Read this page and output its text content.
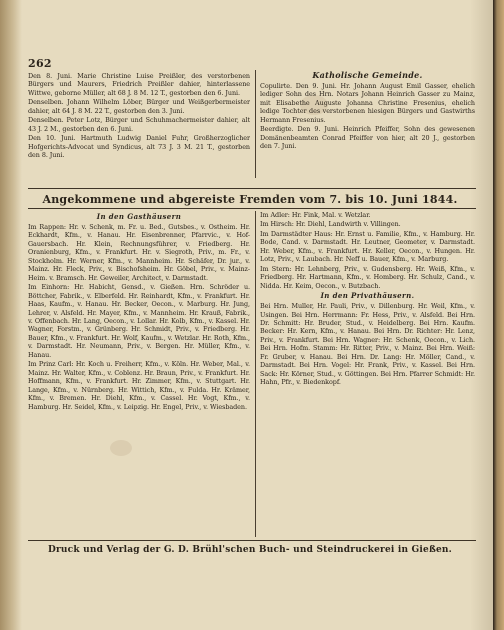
262
Den 8. Juni. Marie Christine Luise Preißler, des verstorbenen Bürgers und Maurers, Friedrich Preißler dahier, hinterlassene Wittwe, geborne Müller, alt 68 J. 8 M. 12 T., gestorben den 6. Juni.
Denselben. Johann Wilhelm Löber, Bürger und Weißgerbermeister dahier, alt 64 J. 8 M. 22 T., gestorben den 3. Juni.
Denselben. Peter Lotz, Bürger und Schuhmachermeister dahier, alt 43 J. 2 M., gestorben den 6. Juni.
Den 10. Juni. Hartmuth Ludwig Daniel Fuhr, Großherzoglicher Hofgerichts-Advocat und Syndicus, alt 73 J. 3 M. 21 T., gestorben den 8. Juni.
Katholische Gemeinde.
Copulirte. Den 9. Juni. Hr. Johann August Emil Gasser, ehelich lediger Sohn des Hrn. Notars Johann Heinrich Gasser zu Mainz, mit Elisabethe Auguste Johanna Christine Fresenius, ehelich ledige Tochter des verstorbenen hiesigen Bürgers und Gastwirths Hermann Fresenius.
Beerdigte. Den 9. Juni. Heinrich Pfeiffer, Sohn des gewesenen Domänenbeamten Conrad Pfeiffer von hier, alt 20 J., gestorben den 7. Juni.
Angekommene und abgereiste Fremden vom 7. bis 10. Juni 1844.
In den Gasthäusern
Im Rappen: Hr. v. Schenk, m. Fr. u. Bed., Gutsbes., v. Ostheim. Hr. Eckhardt, Kfm., v. Hanau. Hr. Eisenbrenner, Pfarrvic., v. Hof-Gauersbach. Hr. Klein, Rechnungsführer, v. Friedberg. Hr. Oranienburg, Kfm., v. Frankfurt. Hr. v. Siegroth, Priv., m. Fr., v. Stockholm. Hr. Werner, Kfm., v. Mannheim. Hr. Schäfer, Dr. jur., v. Mainz. Hr. Fleck, Priv., v. Bischofsheim. Hr. Göbel, Priv., v. Mainz-Heim. v. Bramsch. Hr. Geweiler, Architect, v. Darmstadt.
Im Einhorn: Hr. Habicht, Gensd., v. Gießen. Hrn. Schröder u. Böttcher, Fabrik., v. Elberfeld. Hr. Reinhardt, Kfm., v. Frankfurt. Hr. Haas, Kaufm., v. Hanau. Hr. Becker, Oecon., v. Marburg. Hr. Jung, Lehrer, v. Alsfeld. Hr. Mayer, Kfm., v. Mannheim. Hr. Krauß, Fabrik., v. Offenbach. Hr. Lang, Oecon., v. Lollar. Hr. Kolb, Kfm., v. Kassel. Hr. Wagner, Forstm., v. Grünberg. Hr. Schmidt, Priv., v. Friedberg. Hr. Bauer, Kfm., v. Frankfurt. Hr. Wolf, Kaufm., v. Wetzlar. Hr. Roth, Kfm., v. Darmstadt. Hr. Neumann, Priv., v. Bergen. Hr. Müller, Kfm., v. Hanau.
Im Prinz Carl: Hr. Koch u. Freiherr, Kfm., v. Köln. Hr. Weber, Mal., v. Mainz. Hr. Walter, Kfm., v. Coblenz. Hr. Braun, Priv., v. Frankfurt. Hr. Hoffmann, Kfm., v. Frankfurt. Hr. Zimmer, Kfm., v. Stuttgart. Hr. Lange, Kfm., v. Nürnberg. Hr. Wittich, Kfm., v. Fulda. Hr. Krämer, Kfm., v. Bremen. Hr. Diehl, Kfm., v. Cassel. Hr. Vogt, Kfm., v. Hamburg. Hr. Seidel, Kfm., v. Leipzig. Hr. Engel, Priv., v. Wiesbaden.
Im Adler: Hr. Fink, Mal. v. Wetzlar.
Im Hirsch: Hr. Diehl, Landwirth v. Villingen.
Im Darmstädter Haus: Hr. Ernst u. Familie, Kfm., v. Hamburg. Hr. Bode, Cand. v. Darmstadt. Hr. Leutner, Geometer, v. Darmstadt. Hr. Weber, Kfm., v. Frankfurt. Hr. Keller, Oecon., v. Hungen. Hr. Lotz, Priv., v. Laubach. Hr. Neff u. Bauer, Kfm., v. Marburg.
Im Stern: Hr. Lehnberg, Priv., v. Gudensberg. Hr. Weiß, Kfm., v. Friedberg. Hr. Hartmann, Kfm., v. Homberg. Hr. Schulz, Cand., v. Nidda. Hr. Keim, Oecon., v. Butzbach.
In den Privathäusern.
Bei Hrn. Muller, Hr. Pauli, Priv., v. Dillenburg. Hr. Weil, Kfm., v. Usingen. Bei Hrn. Herrmann: Fr. Hess, Priv., v. Alsfeld. Bei Hrn. Dr. Schmitt: Hr. Bruder, Stud., v. Heidelberg. Bei Hrn. Kaufm. Becker: Hr. Kern, Kfm., v. Hanau. Bei Hrn. Dr. Richter: Hr. Lenz, Priv., v. Frankfurt. Bei Hrn. Wagner: Hr. Schenk, Oecon., v. Lich. Bei Hrn. Hofm. Stamm: Hr. Ritter, Priv., v. Mainz. Bei Hrn. Weiß: Fr. Gruber, v. Hanau. Bei Hrn. Dr. Lang: Hr. Möller, Cand., v. Darmstadt. Bei Hrn. Vogel: Hr. Frank, Priv., v. Kassel. Bei Hrn. Sack: Hr. Körner, Stud., v. Göttingen. Bei Hrn. Pfarrer Schmidt: Hr. Hahn, Pfr., v. Biedenkopf.
Druck und Verlag der G. D. Brühl'schen Buch- und Steindruckerei in Gießen.
